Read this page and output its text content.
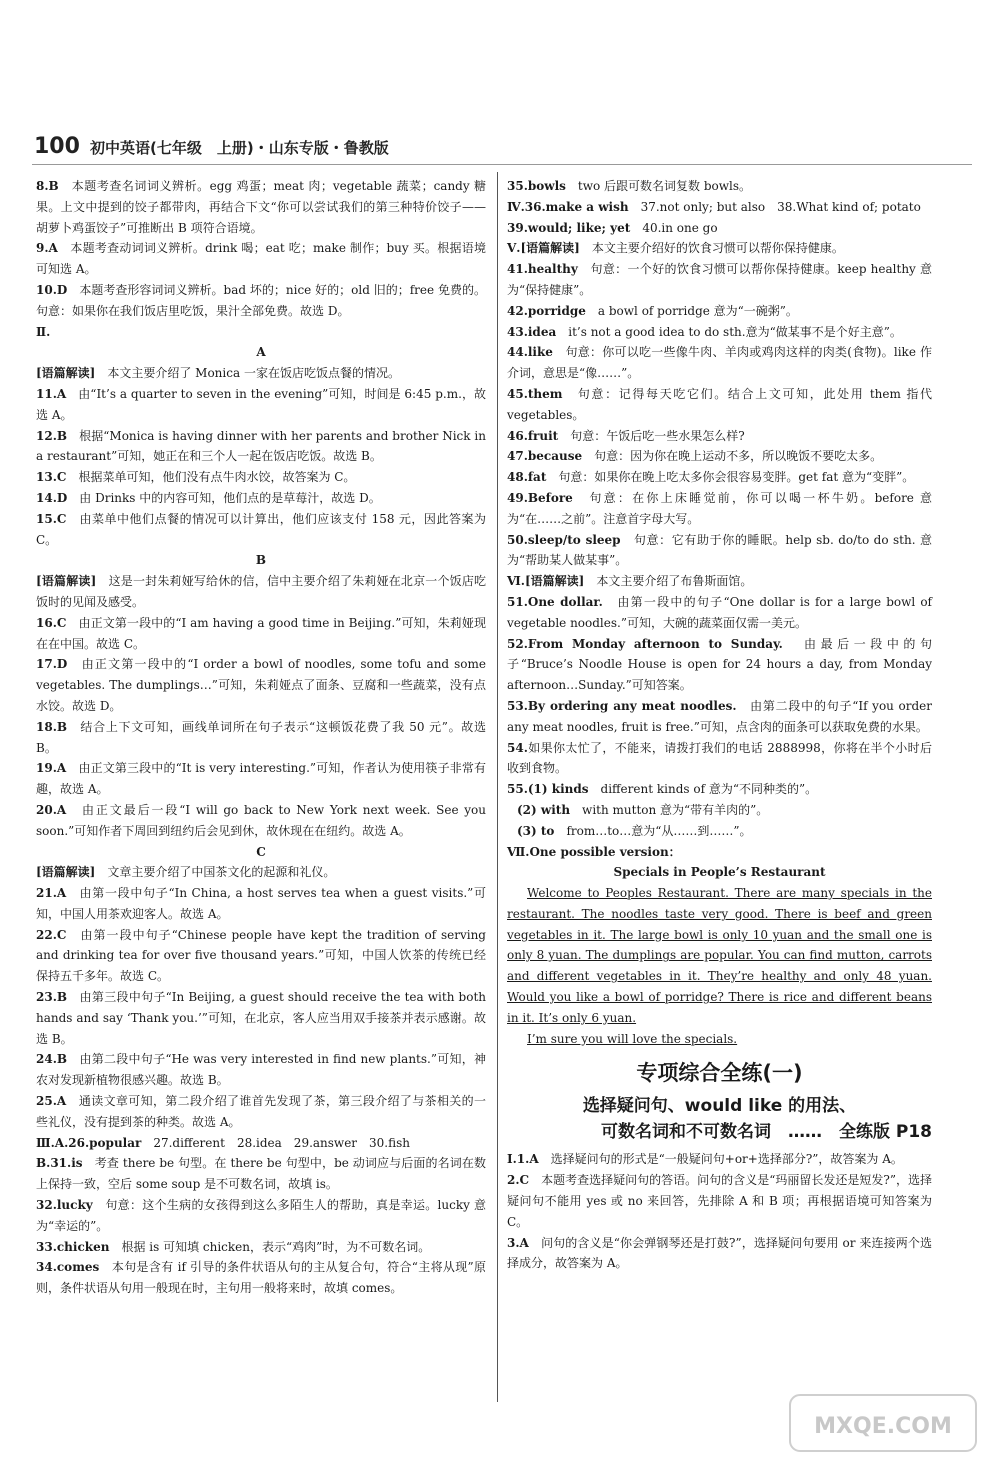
100 初中英语(七年级　上册)・山东专版・鲁教版

8.B　本题考查名词词义辨析。egg 鸡蛋；meat 肉；vegetable 蔬菜；candy 糖果。上文中提到的饺子都带肉，再结合下文“你可以尝试我们的第三种特价饺子——胡萝卜鸡蛋饺子”可推断出 B 项符合语境。

9.A　本题考查动词词义辨析。drink 喝；eat 吃；make 制作；buy 买。根据语境可知选 A。

10.D　本题考查形容词词义辨析。bad 坏的；nice 好的；old 旧的；free 免费的。句意：如果你在我们饭店里吃饭，果汁全部免费。故选 D。

Ⅱ.

A

[语篇解读]　本文主要介绍了 Monica 一家在饭店吃饭点餐的情况。

11.A　由“It’s a quarter to seven in the evening”可知，时间是 6:45 p.m.，故选 A。

12.B　根据“Monica is having dinner with her parents and brother Nick in a restaurant”可知，她正在和三个人一起在饭店吃饭。故选 B。

13.C　根据菜单可知，他们没有点牛肉水饺，故答案为 C。

14.D　由 Drinks 中的内容可知，他们点的是草莓汁，故选 D。

15.C　由菜单中他们点餐的情况可以计算出，他们应该支付 158 元，因此答案为 C。

B

[语篇解读]　这是一封朱莉娅写给休的信，信中主要介绍了朱莉娅在北京一个饭店吃饭时的见闻及感受。

16.C　由正文第一段中的“I am having a good time in Beijing.”可知，朱莉娅现在在中国。故选 C。

17.D　由正文第一段中的“I order a bowl of noodles, some tofu and some vegetables. The dumplings…”可知，朱莉娅点了面条、豆腐和一些蔬菜，没有点水饺。故选 D。

18.B　结合上下文可知，画线单词所在句子表示“这顿饭花费了我 50 元”。故选 B。

19.A　由正文第三段中的“It is very interesting.”可知，作者认为使用筷子非常有趣，故选 A。

20.A　由正文最后一段“I will go back to New York next week. See you soon.”可知作者下周回到纽约后会见到休，故休现在在纽约。故选 A。

C

[语篇解读]　文章主要介绍了中国茶文化的起源和礼仪。

21.A　由第一段中句子“In China, a host serves tea when a guest visits.”可知，中国人用茶欢迎客人。故选 A。

22.C　由第一段中句子“Chinese people have kept the tradition of serving and drinking tea for over five thousand years.”可知，中国人饮茶的传统已经保持五千多年。故选 C。

23.B　由第三段中句子“In Beijing, a guest should receive the tea with both hands and say ‘Thank you.’”可知，在北京，客人应当用双手接茶并表示感谢。故选 B。

24.B　由第二段中句子“He was very interested in find new plants.”可知，神农对发现新植物很感兴趣。故选 B。

25.A　通读文章可知，第二段介绍了谁首先发现了茶，第三段介绍了与茶相关的一些礼仪，没有提到茶的种类。故选 A。

Ⅲ.A.26.popular　27.different　28.idea　29.answer　30.fish

B.31.is　考查 there be 句型。在 there be 句型中，be 动词应与后面的名词在数上保持一致，空后 some soup 是不可数名词，故填 is。

32.lucky　句意：这个生病的女孩得到这么多陌生人的帮助，真是幸运。lucky 意为“幸运的”。

33.chicken　根据 is 可知填 chicken，表示“鸡肉”时，为不可数名词。

34.comes　本句是含有 if 引导的条件状语从句的主从复合句，符合“主将从现”原则，条件状语从句用一般现在时，主句用一般将来时，故填 comes。

35.bowls　two 后跟可数名词复数 bowls。

Ⅳ.36.make a wish　37.not only; but also　38.What kind of; potato

39.would; like; yet　40.in one go

Ⅴ.[语篇解读]　本文主要介绍好的饮食习惯可以帮你保持健康。

41.healthy　句意：一个好的饮食习惯可以帮你保持健康。keep healthy 意为“保持健康”。

42.porridge　a bowl of porridge 意为“一碗粥”。

43.idea　it’s not a good idea to do sth.意为“做某事不是个好主意”。

44.like　句意：你可以吃一些像牛肉、羊肉或鸡肉这样的肉类(食物)。like 作介词，意思是“像……”。

45.them　句意：记得每天吃它们。结合上文可知，此处用 them 指代 vegetables。

46.fruit　句意：午饭后吃一些水果怎么样?

47.because　句意：因为你在晚上运动不多，所以晚饭不要吃太多。

48.fat　句意：如果你在晚上吃太多你会很容易变胖。get fat 意为“变胖”。

49.Before　句意：在你上床睡觉前，你可以喝一杯牛奶。before 意为“在……之前”。注意首字母大写。

50.sleep/to sleep　句意：它有助于你的睡眠。help sb. do/to do sth. 意为“帮助某人做某事”。

Ⅵ.[语篇解读]　本文主要介绍了布鲁斯面馆。

51.One dollar.　由第一段中的句子“One dollar is for a large bowl of vegetable noodles.”可知，大碗的蔬菜面仅需一美元。

52.From Monday afternoon to Sunday.　由最后一段中的句子“Bruce’s Noodle House is open for 24 hours a day, from Monday afternoon…Sunday.”可知答案。

53.By ordering any meat noodles.　由第二段中的句子“If you order any meat noodles, fruit is free.”可知，点含肉的面条可以获取免费的水果。

54.如果你太忙了，不能来，请拨打我们的电话 2888998，你将在半个小时后收到食物。

55.(1) kinds　different kinds of 意为“不同种类的”。

(2) with　with mutton 意为“带有羊肉的”。

(3) to　from…to…意为“从……到……”。

Ⅶ.One possible version：

Specials in People’s Restaurant

Welcome to Peoples Restaurant. There are many specials in the restaurant. The noodles taste very good. There is beef and green vegetables in it. The large bowl is only 10 yuan and the small one is only 8 yuan. The dumplings are popular. You can find mutton, carrots and different vegetables in it. They’re healthy and only 48 yuan. Would you like a bowl of porridge? There is rice and different beans in it. It’s only 6 yuan.

I’m sure you will love the specials.

专项综合全练(一)

选择疑问句、would like 的用法、

可数名词和不可数名词　……　全练版 P18

Ⅰ.1.A　选择疑问句的形式是“一般疑问句+or+选择部分?”，故答案为 A。

2.C　本题考查选择疑问句的答语。问句的含义是“玛丽留长发还是短发?”，选择疑问句不能用 yes 或 no 来回答，先排除 A 和 B 项；再根据语境可知答案为 C。

3.A　问句的含义是“你会弹钢琴还是打鼓?”，选择疑问句要用 or 来连接两个选择成分，故答案为 A。

MXQE.COM
